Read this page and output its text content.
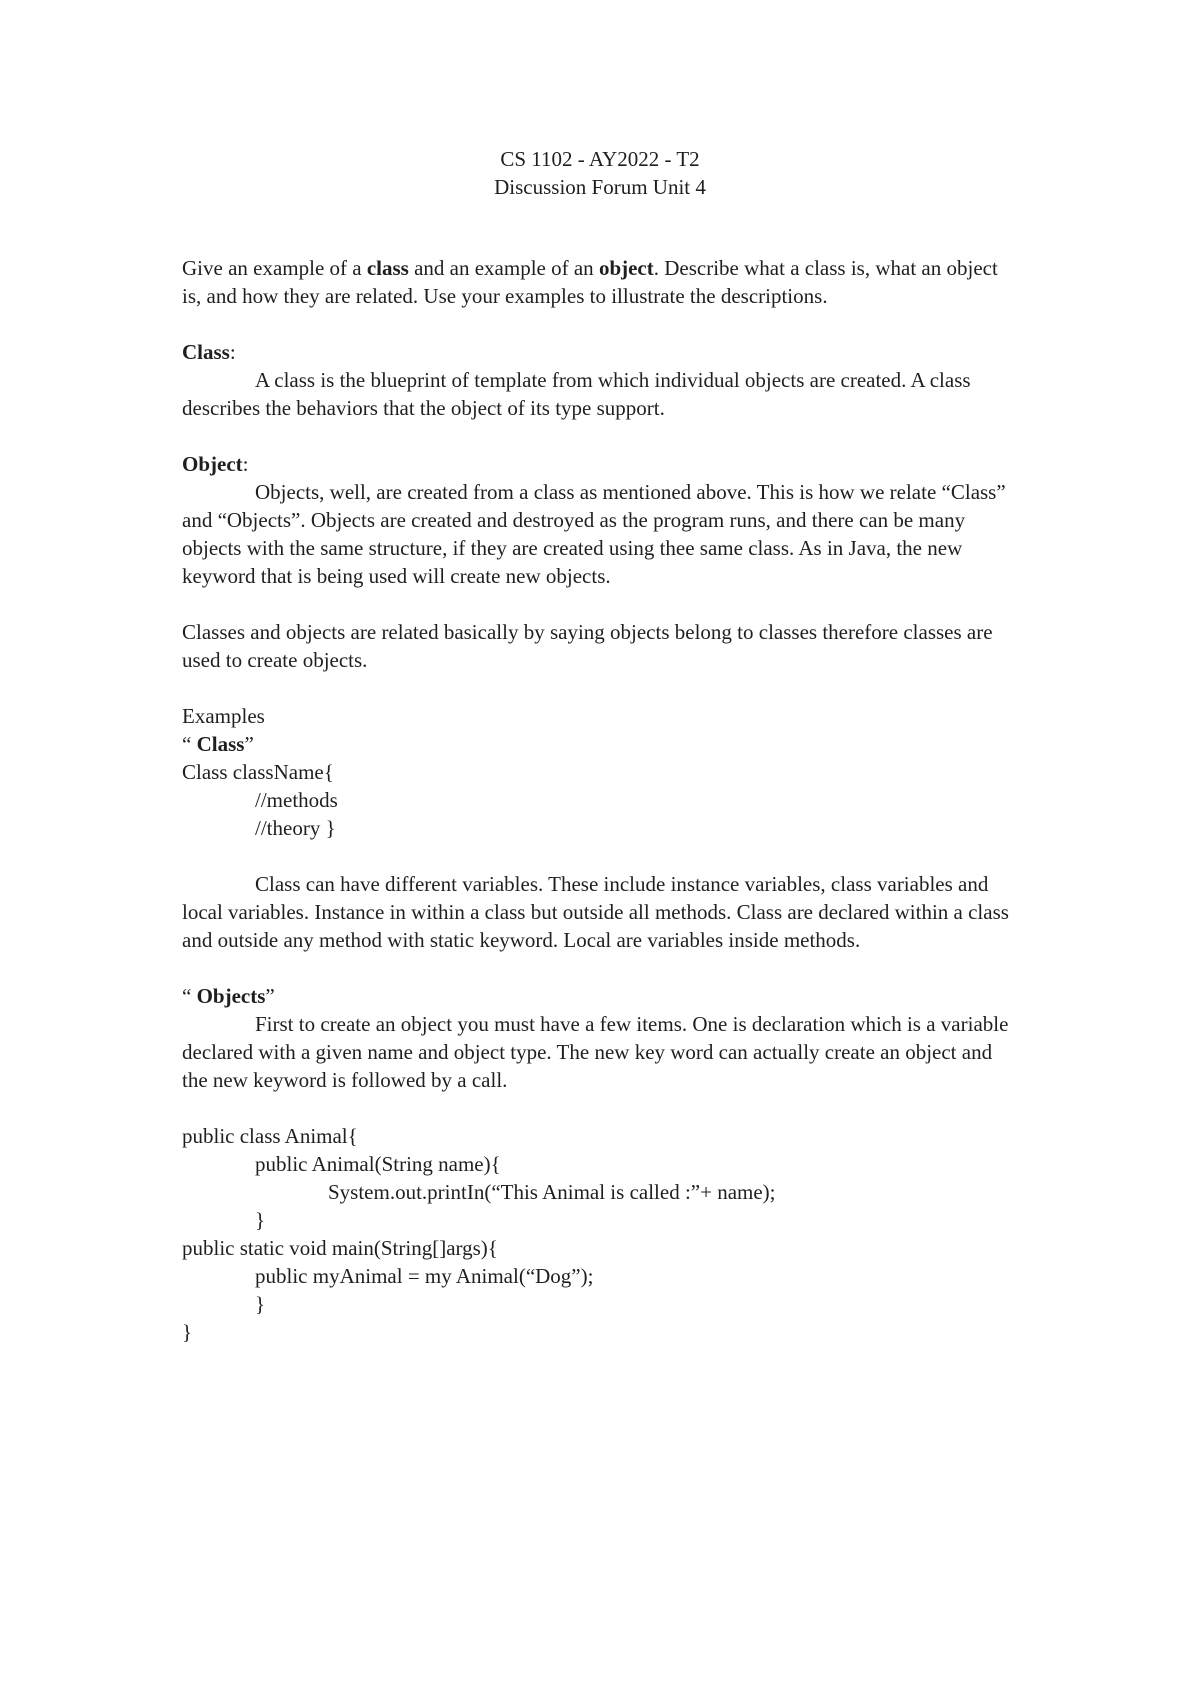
CS 1102 - AY2022 - T2
Discussion Forum Unit 4

Give an example of a class and an example of an object. Describe what a class is, what an object is, and how they are related. Use your examples to illustrate the descriptions.

Class:

A class is the blueprint of template from which individual objects are created. A class describes the behaviors that the object of its type support.

Object:

Objects, well, are created from a class as mentioned above. This is how we relate “Class” and “Objects”. Objects are created and destroyed as the program runs, and there can be many objects with the same structure, if they are created using thee same class. As in Java, the new keyword that is being used will create new objects.

Classes and objects are related basically by saying objects belong to classes therefore classes are used to create objects.

Examples

“ Class”

Class className{

//methods

//theory }

Class can have different variables. These include instance variables, class variables and local variables. Instance in within a class but outside all methods. Class are declared within a class and outside any method with static keyword. Local are variables inside methods.

“ Objects”

First to create an object you must have a few items. One is declaration which is a variable declared with a given name and object type. The new key word can actually create an object and the new keyword is followed by a call.

public class Animal{

public Animal(String name){

System.out.printIn(“This Animal is called :”+ name);

}

public static void main(String[]args){

public myAnimal = my Animal(“Dog”);

}

}
